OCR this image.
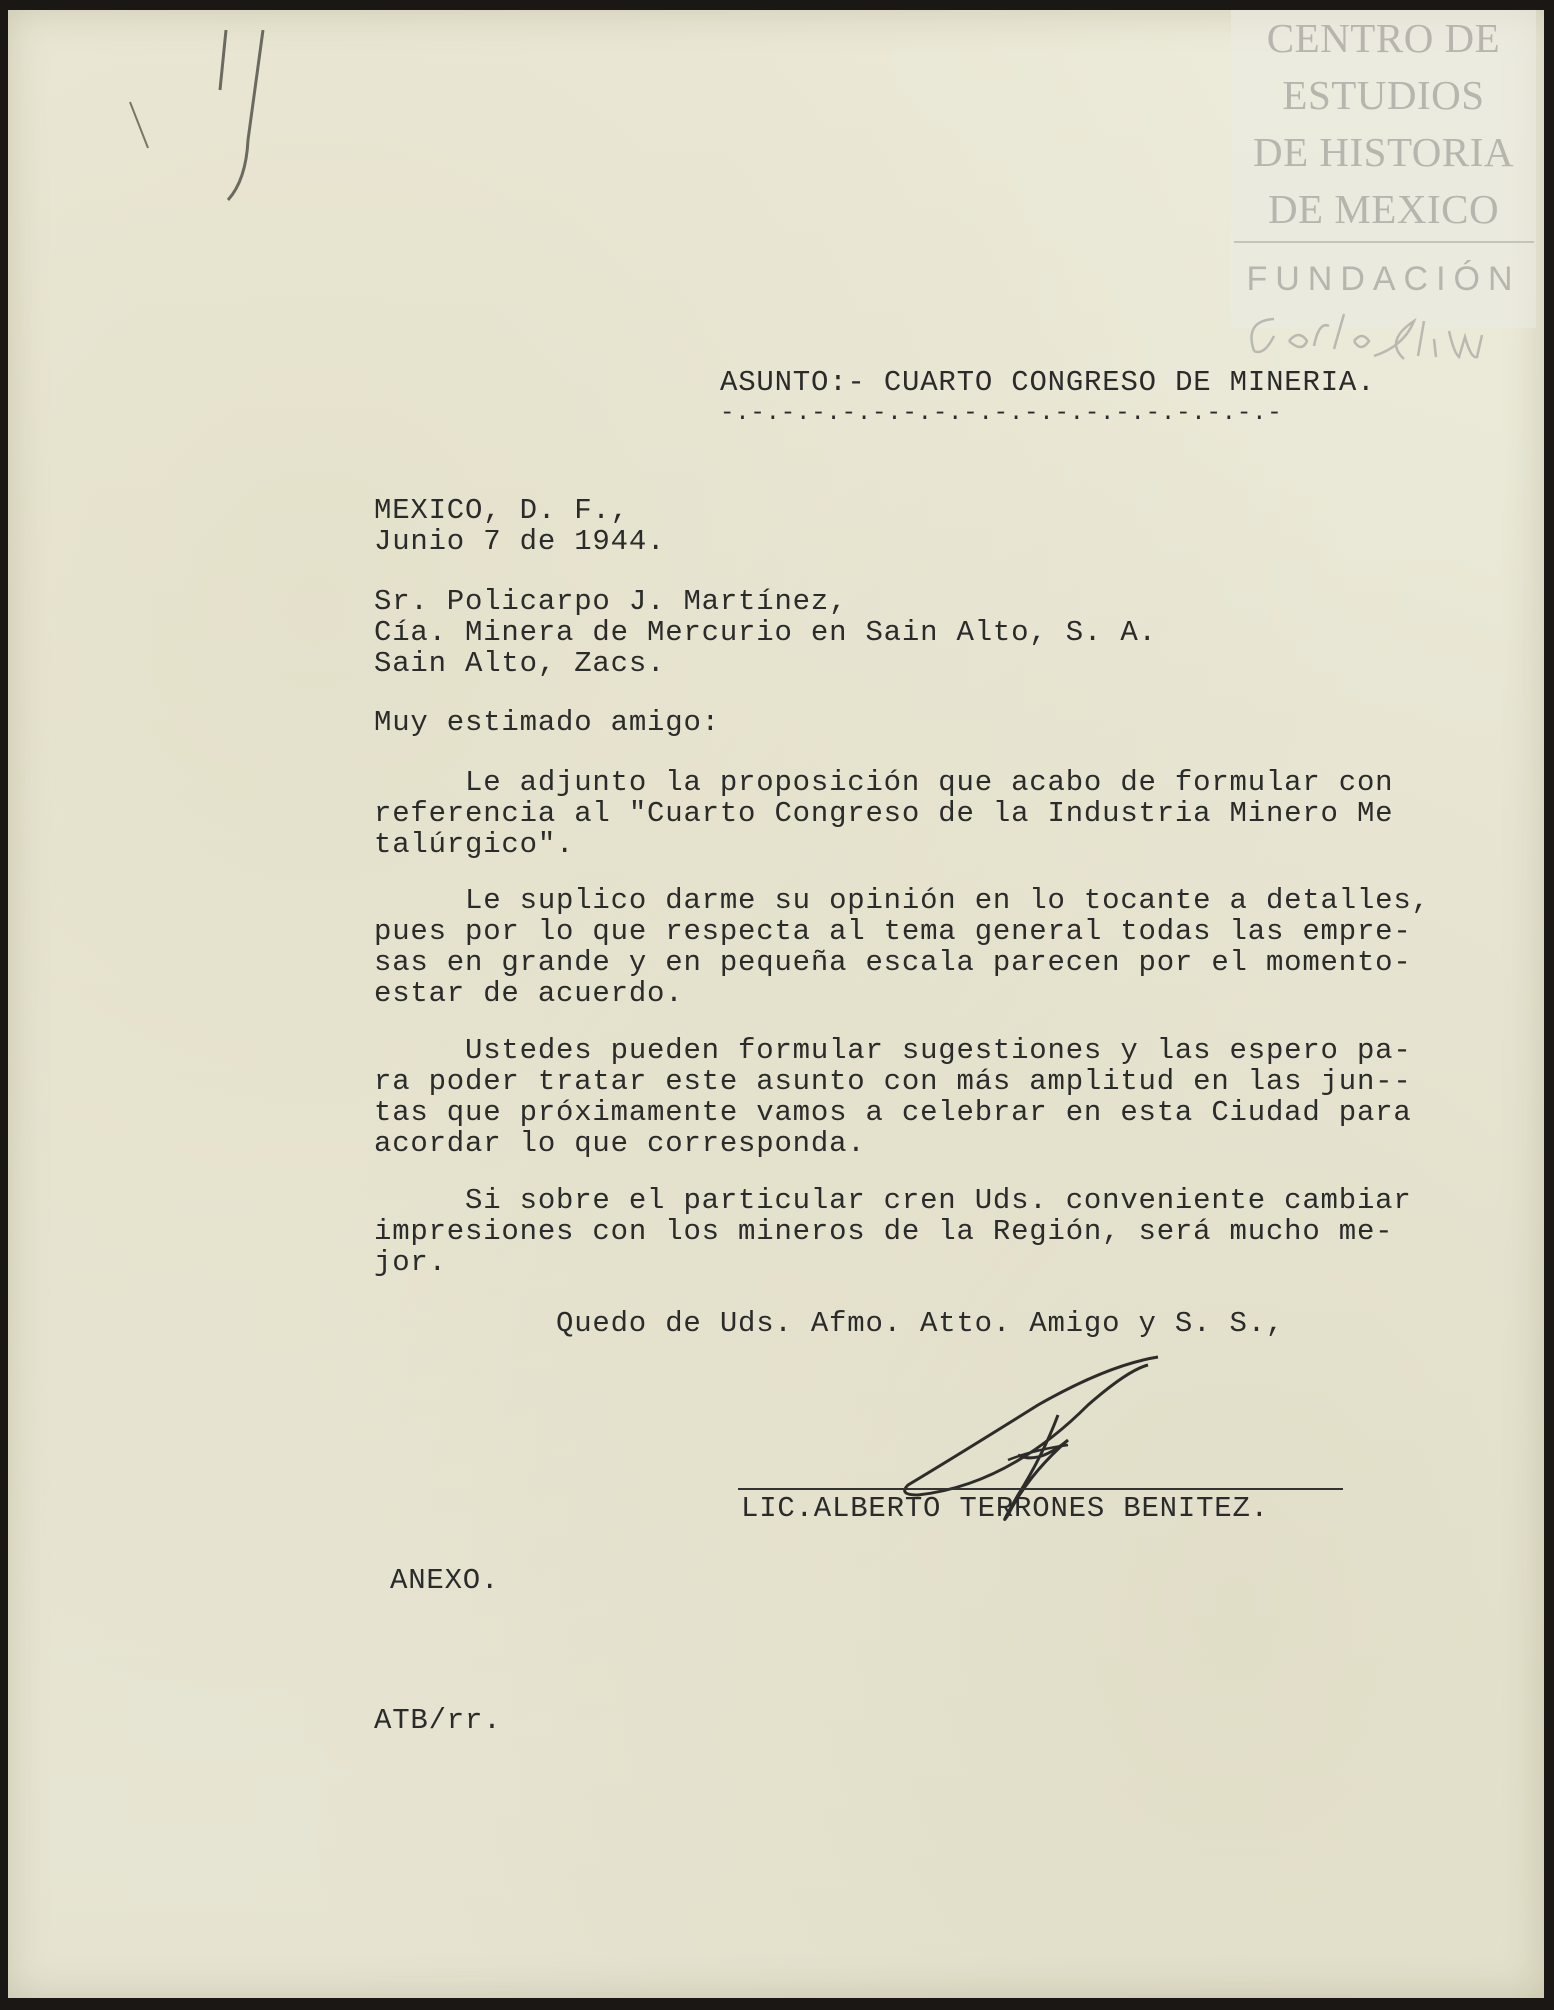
CENTRO DE
ESTUDIOS
DE HISTORIA
DE MEXICO
FUNDACIÓN
ASUNTO:- CUARTO CONGRESO DE MINERIA.
-.-.-.-.-.-.-.-.-.-.-.-.-.-.-.-.-.-.-
MEXICO, D. F.,
Junio 7 de 1944.
Sr. Policarpo J. Martínez,
Cía. Minera de Mercurio en Sain Alto, S. A.
Sain Alto, Zacs.
Muy estimado amigo:
Le adjunto la proposición que acabo de formular con
referencia al "Cuarto Congreso de la Industria Minero Me
talúrgico".
Le suplico darme su opinión en lo tocante a detalles,
pues por lo que respecta al tema general todas las empre-
sas en grande y en pequeña escala parecen por el momento-
estar de acuerdo.
Ustedes pueden formular sugestiones y las espero pa-
ra poder tratar este asunto con más amplitud en las jun--
tas que próximamente vamos a celebrar en esta Ciudad para
acordar lo que corresponda.
Si sobre el particular cren Uds. conveniente cambiar
impresiones con los mineros de la Región, será mucho me-
jor.
Quedo de Uds. Afmo. Atto. Amigo y S. S.,
LIC.ALBERTO TERRONES BENITEZ.
ANEXO.
ATB/rr.
